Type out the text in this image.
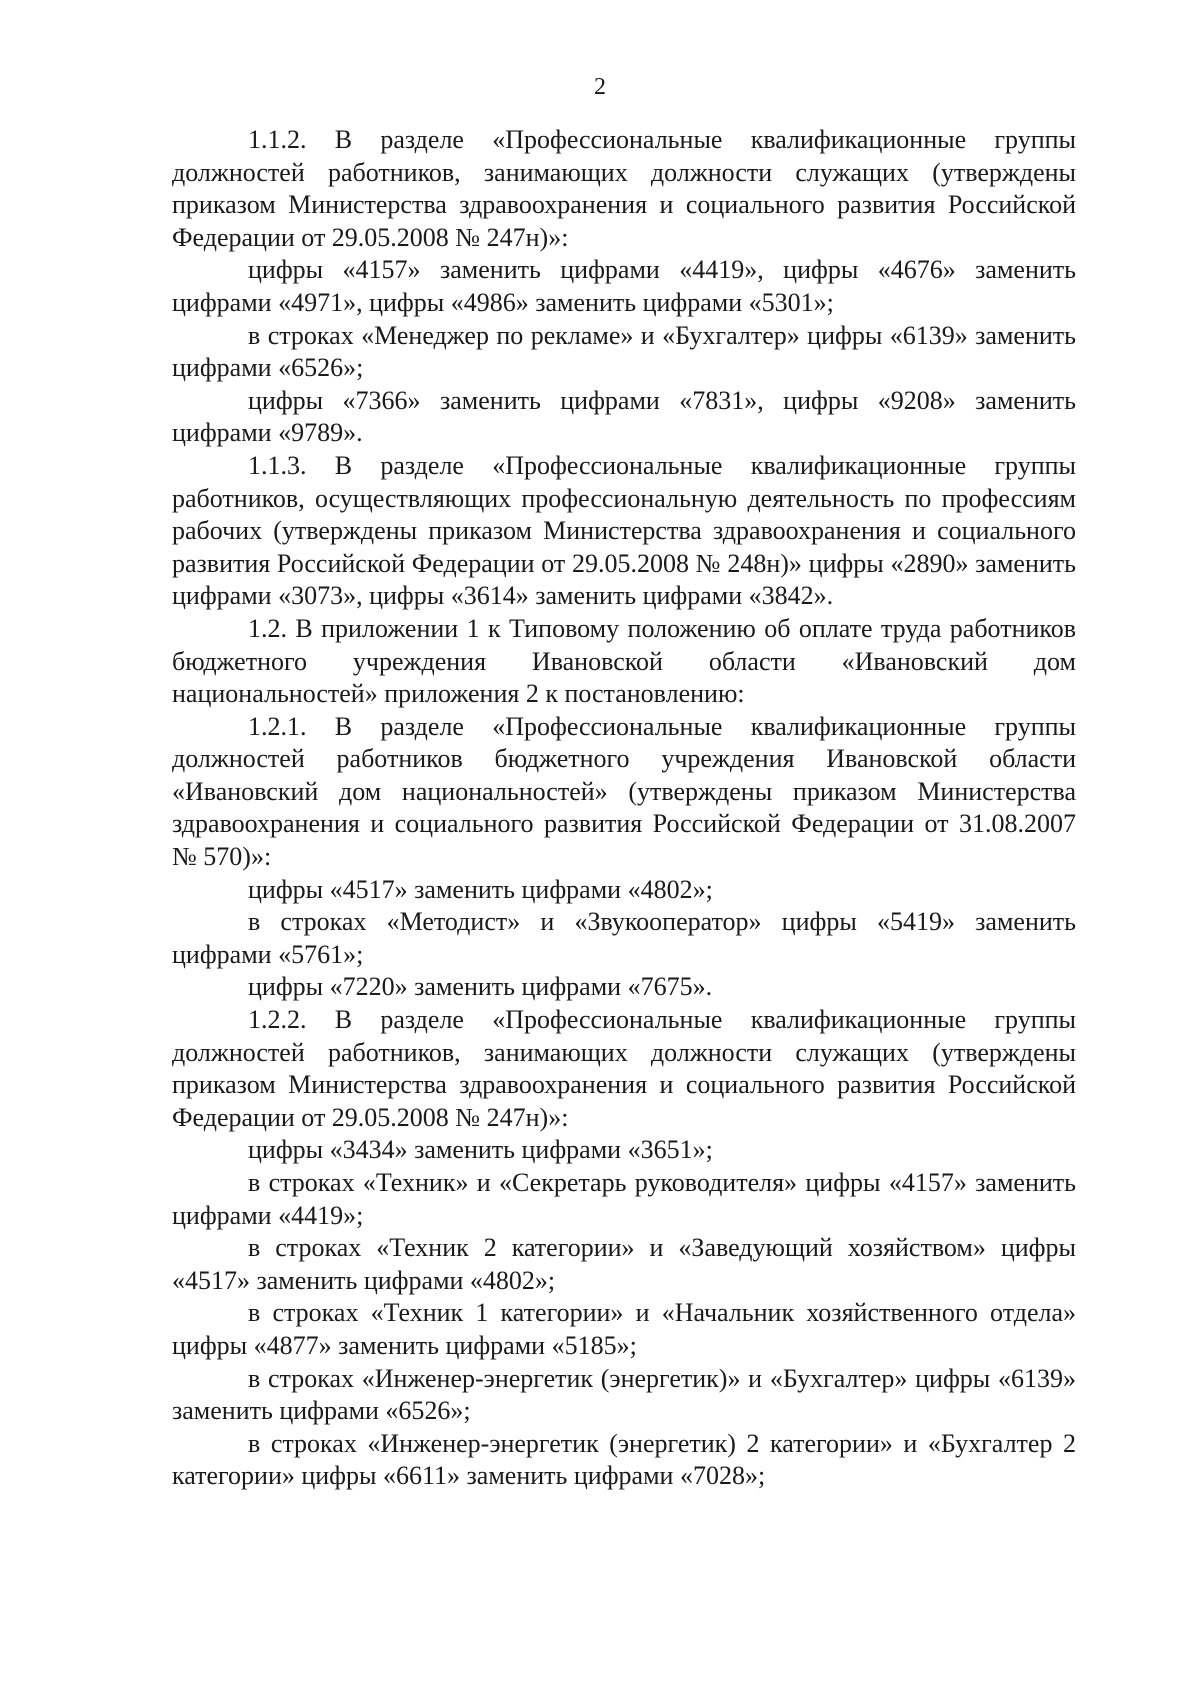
2

1.1.2. В разделе «Профессиональные квалификационные группы должностей работников, занимающих должности служащих (утверждены приказом Министерства здравоохранения и социального развития Российской Федерации от 29.05.2008 № 247н)»:

цифры «4157» заменить цифрами «4419», цифры «4676» заменить цифрами «4971», цифры «4986» заменить цифрами «5301»;

в строках «Менеджер по рекламе» и «Бухгалтер» цифры «6139» заменить цифрами «6526»;

цифры «7366» заменить цифрами «7831», цифры «9208» заменить цифрами «9789».

1.1.3. В разделе «Профессиональные квалификационные группы работников, осуществляющих профессиональную деятельность по профессиям рабочих (утверждены приказом Министерства здравоохранения и социального развития Российской Федерации от 29.05.2008 № 248н)» цифры «2890» заменить цифрами «3073», цифры «3614» заменить цифрами «3842».

1.2. В приложении 1 к Типовому положению об оплате труда работников бюджетного учреждения Ивановской области «Ивановский дом национальностей» приложения 2 к постановлению:

1.2.1. В разделе «Профессиональные квалификационные группы должностей работников бюджетного учреждения Ивановской области «Ивановский дом национальностей» (утверждены приказом Министерства здравоохранения и социального развития Российской Федерации от 31.08.2007 № 570)»:

цифры «4517» заменить цифрами «4802»;

в строках «Методист» и «Звукооператор» цифры «5419» заменить цифрами «5761»;

цифры «7220» заменить цифрами «7675».

1.2.2. В разделе «Профессиональные квалификационные группы должностей работников, занимающих должности служащих (утверждены приказом Министерства здравоохранения и социального развития Российской Федерации от 29.05.2008 № 247н)»:

цифры «3434» заменить цифрами «3651»;

в строках «Техник» и «Секретарь руководителя» цифры «4157» заменить цифрами «4419»;

в строках «Техник 2 категории» и «Заведующий хозяйством» цифры «4517» заменить цифрами «4802»;

в строках «Техник 1 категории» и «Начальник хозяйственного отдела» цифры «4877» заменить цифрами «5185»;

в строках «Инженер-энергетик (энергетик)» и «Бухгалтер» цифры «6139» заменить цифрами «6526»;

в строках «Инженер-энергетик (энергетик) 2 категории» и «Бухгалтер 2 категории» цифры «6611» заменить цифрами «7028»;
